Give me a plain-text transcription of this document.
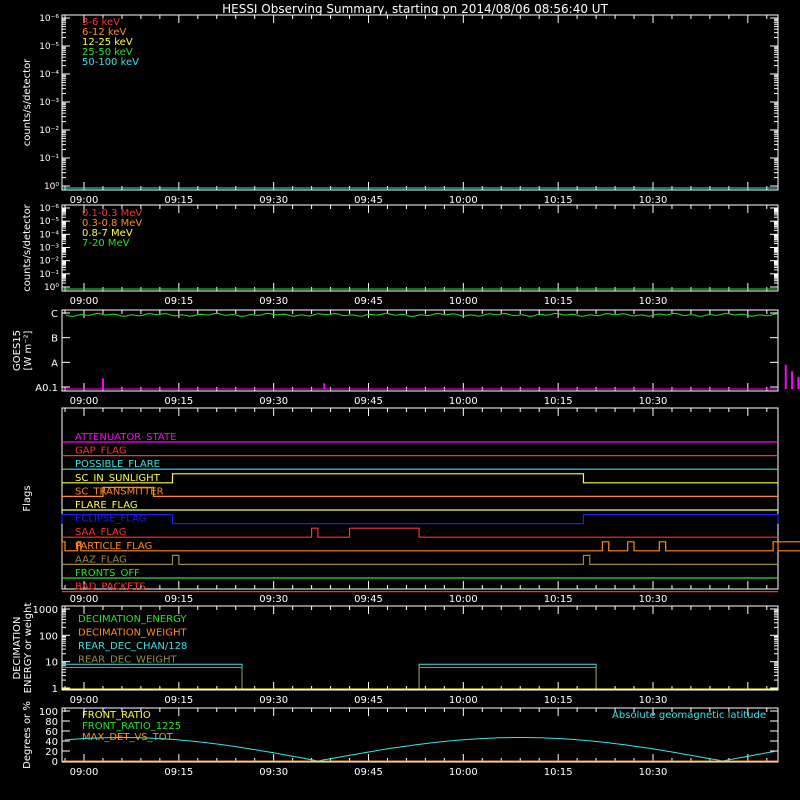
HESSI Observing Summary, starting on 2014/08/06 08:56:40 UT
10⁰
10⁻¹
10⁻²
10⁻³
10⁻⁴
10⁻⁵
10⁻⁶
09:00	09:15	09:30	09:45	10:00	10:15	10:30
counts/s/detector
3-6 keV
6-12 keV
12-25 keV
25-50 keV
50-100 keV
10⁰
10⁻¹
10⁻²
10⁻³
10⁻⁴
10⁻⁵
10⁻⁶
09:00	09:15	09:30	09:45	10:00	10:15	10:30
counts/s/detector	0.1-0.3 MeV
0.3-0.8 MeV
0.8-7 MeV
7-20 MeV
A0.1
A
B
C
09:00	09:15	09:30	09:45	10:00	10:15	10:30
GOES15 [W m⁻²]
09:00	09:15	09:30	09:45	10:00	10:15	10:30
Flags
ATTENUATOR_STATE
GAP_FLAG
POSSIBLE_FLARE
SC_IN_SUNLIGHT
SC_TRANSMITTER
FLARE_FLAG
ECLIPSE_FLAG
SAA_FLAG
PARTICLE_FLAG
AAZ_FLAG
FRONTS_OFF
BAD_PACKETS
1
10
100
1000
09:00	09:15	09:30	09:45	10:00	10:15	10:30
DECIMATION ENERGY or weight	DECIMATION_ENERGY
DECIMATION_WEIGHT
REAR_DEC_CHAN/128
REAR_DEC_WEIGHT
0
20
40
60
80
100
09:00	09:15	09:30	09:45	10:00	10:15	10:30
Degrees or %	FRONT_RATIO
FRONT_RATIO_1225
MAX_DET_VS_TOT
Absolute geomagnetic latitude
